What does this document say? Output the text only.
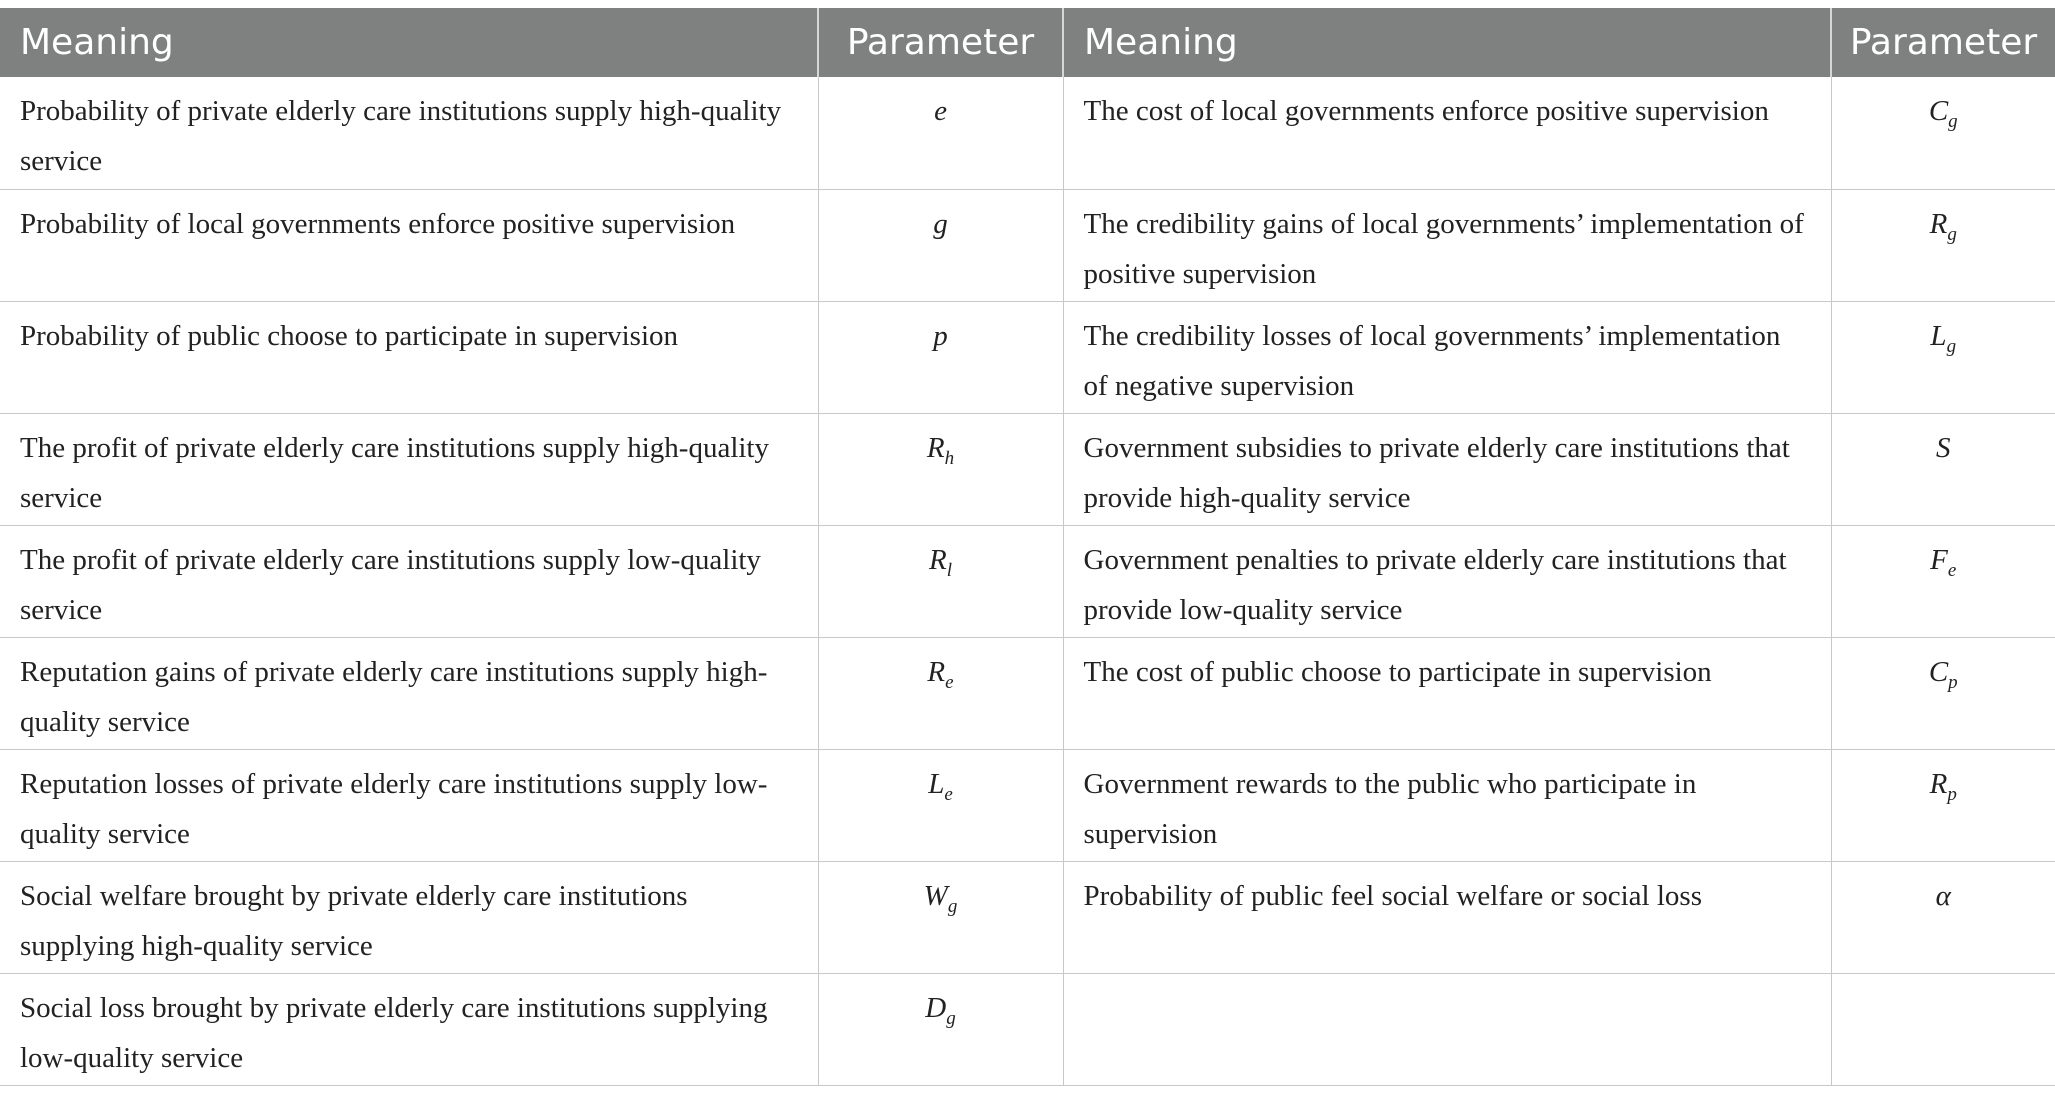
Meaning	Parameter	Meaning	Parameter
Probability of private elderly care institutions supply high-quality service	e	The cost of local governments enforce positive supervision	$C_g$
Probability of local governments enforce positive supervision	g	The credibility gains of local governments’ implementation of positive supervision	$R_g$
Probability of public choose to participate in supervision	p	The credibility losses of local governments’ implementation of negative supervision	$L_g$
The profit of private elderly care institutions supply high-quality service	$R_h$	Government subsidies to private elderly care institutions that provide high-quality service	S
The profit of private elderly care institutions supply low-quality service	$R_l$	Government penalties to private elderly care institutions that provide low-quality service	$F_e$
Reputation gains of private elderly care institutions supply high-quality service	$R_e$	The cost of public choose to participate in supervision	$C_p$
Reputation losses of private elderly care institutions supply low-quality service	$L_e$	Government rewards to the public who participate in supervision	$R_p$
Social welfare brought by private elderly care institutions supplying high-quality service	$W_g$	Probability of public feel social welfare or social loss	α
Social loss brought by private elderly care institutions supplying low-quality service	$D_g$		
